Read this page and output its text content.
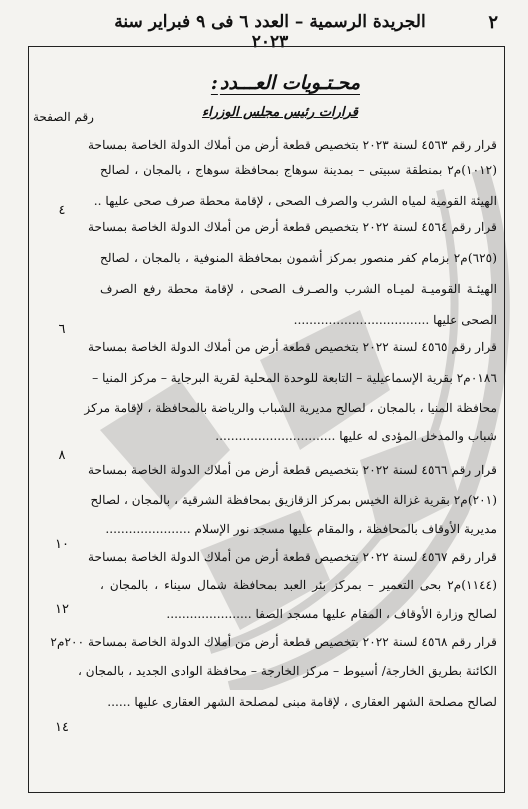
٢
الجريدة الرسمية – العدد ٦ فى ٩ فبراير سنة ٢٠٢٣
محـتـويات العـــدد:
قرارات رئيس مجلس الوزراء
رقم الصفحة
قرار رقم ٤٥٦٣ لسنة ٢٠٢٣ بتخصيص قطعة أرض من أملاك الدولة الخاصة بمساحة
(١٠١٢)م٢ بمنطقة سبيتى – بمدينة سوهاج بمحافظة سوهاج ، بالمجان ، لصالح
الهيئة القومية لمياه الشرب والصرف الصحى ، لإقامة محطة صرف صحى عليها ..
٤
قرار رقم ٤٥٦٤ لسنة ٢٠٢٢ بتخصيص قطعة أرض من أملاك الدولة الخاصة بمساحة
(٦٢٥)م٢ بزمام كفر منصور بمركز أشمون بمحافظة المنوفية ، بالمجان ، لصالح
الهيئـة القوميـة لميـاه الشرب والصـرف الصحى ، لإقامة محطة رفع الصرف
الصحى عليها ...................................
٦
قرار رقم ٤٥٦٥ لسنة ٢٠٢٢ بتخصيص قطعة أرض من أملاك الدولة الخاصة بمساحة
٠١٨٦م٢ بقرية الإسماعيلية – التابعة للوحدة المحلية لقرية البرجاية – مركز المنيا –
محافظة المنيا ، بالمجان ، لصالح مديرية الشباب والرياضة بالمحافظة ، لإقامة مركز
شباب والمدخل المؤدى له عليها ...............................
٨
قرار رقم ٤٥٦٦ لسنة ٢٠٢٢ بتخصيص قطعة أرض من أملاك الدولة الخاصة بمساحة
(٢٠١)م٢ بقرية غزالة الخيس بمركز الزقازيق بمحافظة الشرقية ، بالمجان ، لصالح
مديرية الأوقاف بالمحافظة ، والمقام عليها مسجد نور الإسلام ......................
١٠
قرار رقم ٤٥٦٧ لسنة ٢٠٢٢ بتخصيص قطعة أرض من أملاك الدولة الخاصة بمساحة
(١١٤٤)م٢ بحى التعمير – بمركز بئر العبد بمحافظة شمال سيناء ، بالمجان ،
لصالح وزارة الأوقاف ، المقام عليها مسجد الصفا ......................
١٢
قرار رقم ٤٥٦٨ لسنة ٢٠٢٢ بتخصيص قطعة أرض من أملاك الدولة الخاصة بمساحة ٢٠٠م٢
الكائنة بطريق الخارجة/ أسيوط – مركز الخارجة – محافظة الوادى الجديد ، بالمجان ،
لصالح مصلحة الشهر العقارى ، لإقامة مبنى لمصلحة الشهر العقارى عليها ......
١٤
